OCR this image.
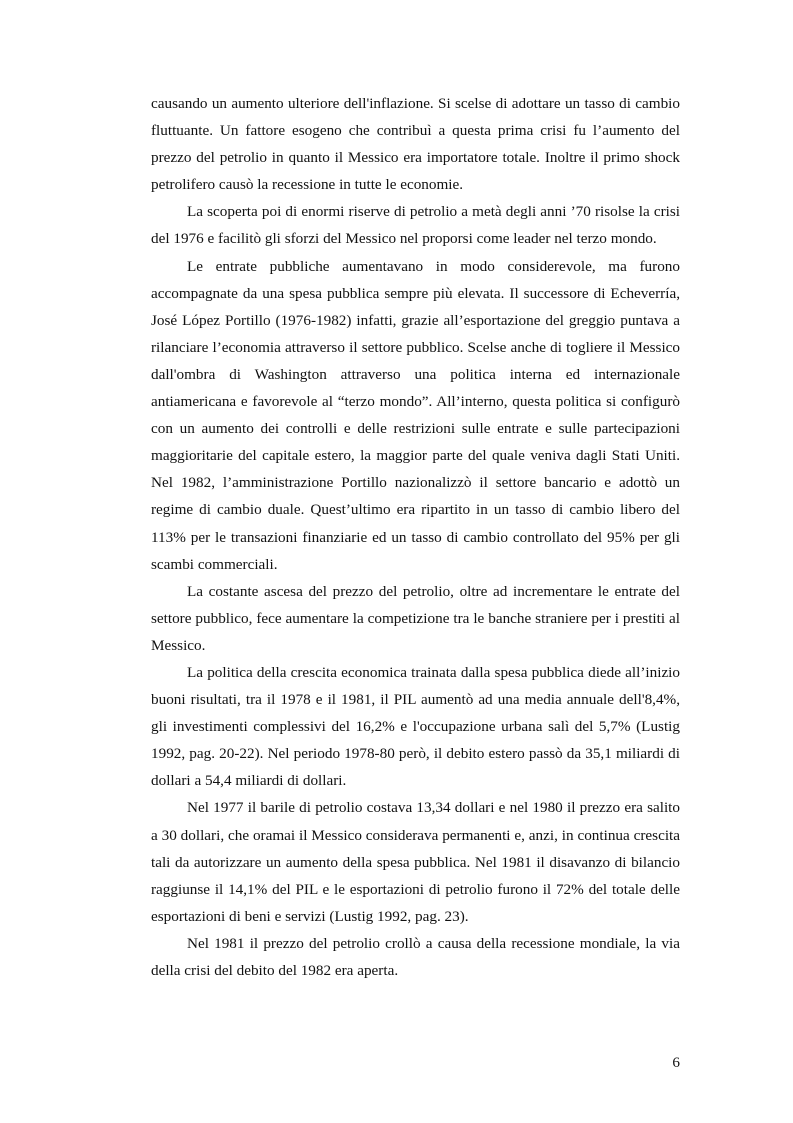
causando un aumento ulteriore dell'inflazione. Si scelse di adottare un tasso di cambio fluttuante. Un fattore esogeno che contribuì a questa prima crisi fu l’aumento del prezzo del petrolio in quanto il Messico era importatore totale. Inoltre il primo shock petrolifero causò la recessione in tutte le economie.

La scoperta poi di enormi riserve di petrolio a metà degli anni ’70 risolse la crisi del 1976 e facilitò gli sforzi del Messico nel proporsi come leader nel terzo mondo.

Le entrate pubbliche aumentavano in modo considerevole, ma furono accompagnate da una spesa pubblica sempre più elevata. Il successore di Echeverría, José López Portillo (1976-1982) infatti, grazie all’esportazione del greggio puntava a rilanciare l’economia attraverso il settore pubblico. Scelse anche di togliere il Messico dall'ombra di Washington attraverso una politica interna ed internazionale antiamericana e favorevole al “terzo mondo”. All’interno, questa politica si configurò con un aumento dei controlli e delle restrizioni sulle entrate e sulle partecipazioni maggioritarie del capitale estero, la maggior parte del quale veniva dagli Stati Uniti. Nel 1982, l’amministrazione Portillo nazionalizzò il settore bancario e adottò un regime di cambio duale. Quest’ultimo era ripartito in un tasso di cambio libero del 113% per le transazioni finanziarie ed un tasso di cambio controllato del 95% per gli scambi commerciali.

La costante ascesa del prezzo del petrolio, oltre ad incrementare le entrate del settore pubblico, fece aumentare la competizione tra le banche straniere per i prestiti al Messico.

La politica della crescita economica trainata dalla spesa pubblica diede all’inizio buoni risultati, tra il 1978 e il 1981, il PIL aumentò ad una media annuale dell'8,4%, gli investimenti complessivi del 16,2% e l'occupazione urbana salì del 5,7% (Lustig 1992, pag. 20-22). Nel periodo 1978-80 però, il debito estero passò da 35,1 miliardi di dollari a 54,4 miliardi di dollari.

Nel 1977 il barile di petrolio costava 13,34 dollari e nel 1980 il prezzo era salito a 30 dollari, che oramai il Messico considerava permanenti e, anzi, in continua crescita tali da autorizzare un aumento della spesa pubblica. Nel 1981 il disavanzo di bilancio raggiunse il 14,1% del PIL e le esportazioni di petrolio furono il 72% del totale delle esportazioni di beni e servizi (Lustig 1992, pag. 23).

Nel 1981 il prezzo del petrolio crollò a causa della recessione mondiale, la via della crisi del debito del 1982 era aperta.

6
